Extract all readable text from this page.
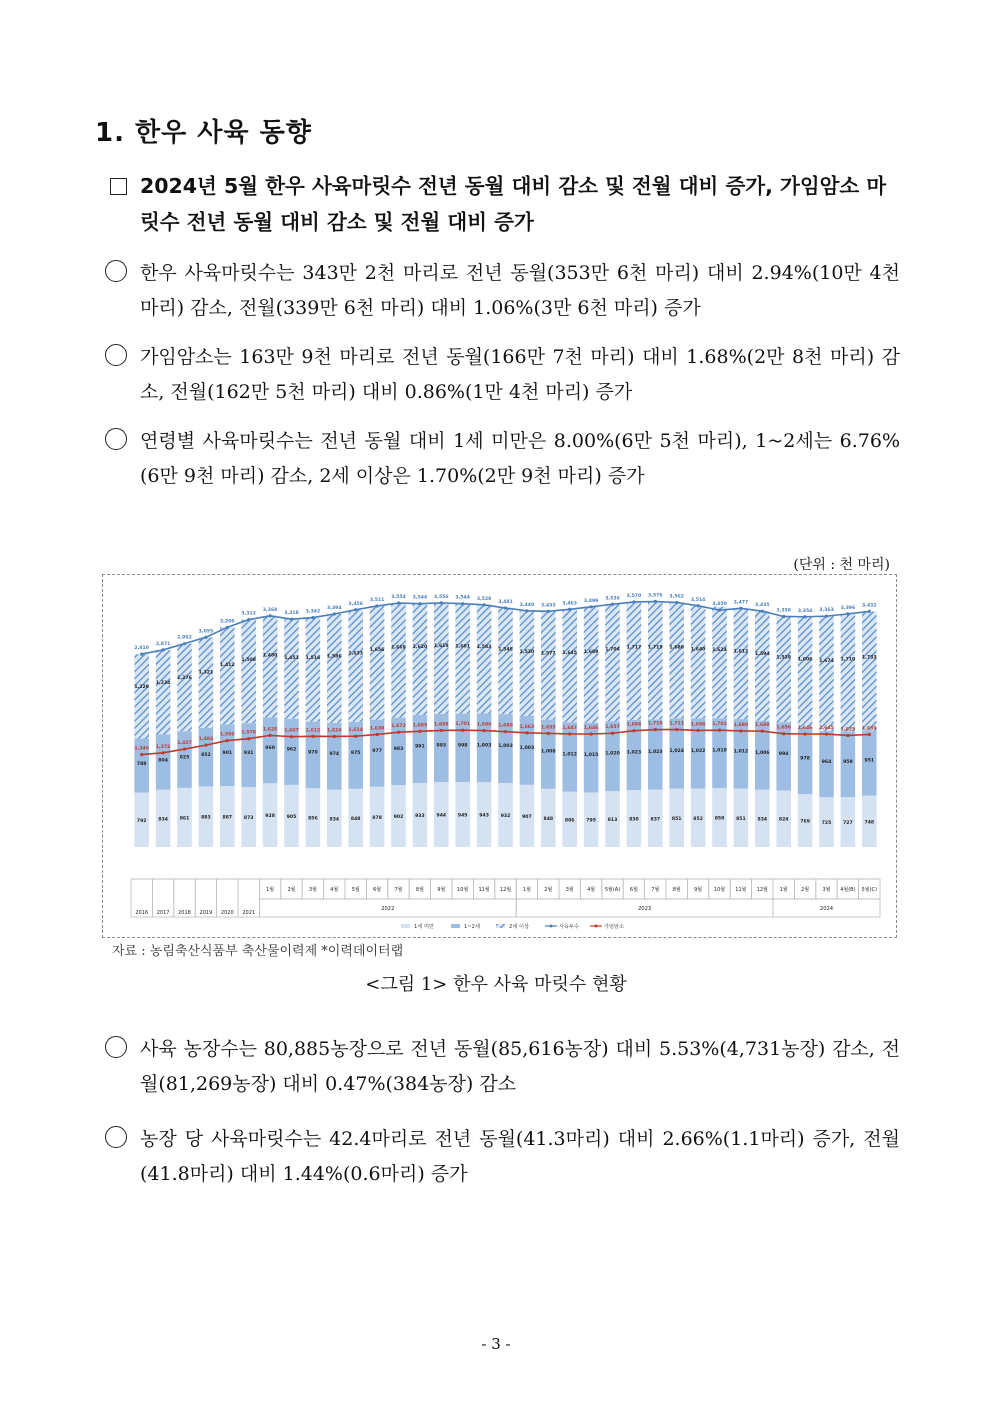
1. 한우 사육 동향
2024년 5월 한우 사육마릿수 전년 동월 대비 감소 및 전월 대비 증가, 가임암소 마릿수 전년 동월 대비 감소 및 전월 대비 증가
한우 사육마릿수는 343만 2천 마리로 전년 동월(353만 6천 마리) 대비 2.94%(10만 4천 마리) 감소, 전월(339만 6천 마리) 대비 1.06%(3만 6천 마리) 증가
가임암소는 163만 9천 마리로 전년 동월(166만 7천 마리) 대비 1.68%(2만 8천 마리) 감소, 전월(162만 5천 마리) 대비 0.86%(1만 4천 마리) 증가
연령별 사육마릿수는 전년 동월 대비 1세 미만은 8.00%(6만 5천 마리), 1~2세는 6.76%(6만 9천 마리) 감소, 2세 이상은 1.70%(2만 9천 마리) 증가
(단위 : 천 마리)
792
788
1,229
834
804
1,234
861
825
1,276
883
852
1,321
887
901
1,412
873
931
1,508
928
960
1,480
905
962
1,451
856
970
1,516
834
974
1,586
848
975
1,633
878
977
1,656
902
983
1,669
933
991
1,620
944
993
1,619
945
998
1,601
943
1,003
1,583
932
1,003
1,546
907
1,003
1,530
848
1,008
1,577
806
1,012
1,645
795
1,015
1,689
813
1,020
1,704
830
1,023
1,717
837
1,023
1,715
851
1,024
1,686
852
1,022
1,640
858
1,018
1,624
851
1,012
1,612
834
1,006
1,594
824
994
1,539
769
978
1,606
725
964
1,674
727
959
1,710
748
951
1,733
2,810
2,871
2,962
3,055
3,200
3,312
3,368
3,318 3,342
3,394
3,456
3,511
3,554 3,544 3,556 3,544 3,528
3,481
3,440 3,433 3,463 3,499
3,536 3,570 3,576 3,562
3,514
3,450 3,477
3,435
3,358 3,354 3,363 3,396 3,432
1,346 1,372
1,427
1,484
1,550 1,578
1,626 1,607 1,612 1,610 1,614 1,639 1,672 1,685 1,698 1,701 1,696 1,680 1,663 1,655 1,647 1,646 1,657
1,694 1,710 1,711 1,698 1,702 1,690 1,688
1,650 1,646 1,645 1,625 1,639
2016 2017 2018 2019 2020 2021
1월	2월	3월	4월	5월	6월	7월	8월	9월 10월 11월 12월 1월	2월	3월	4월 5월(A) 6월	7월	8월	9월 10월 11월 12월 1월	2월	3월 4월(B) 5월(C)
2022	2023	2024
1세 미만	1~2세	2세 이상	사육두수	가임암소
자료 : 농림축산식품부 축산물이력제 *이력데이터랩
<그림 1> 한우 사육 마릿수 현황
사육 농장수는 80,885농장으로 전년 동월(85,616농장) 대비 5.53%(4,731농장) 감소, 전월(81,269농장) 대비 0.47%(384농장) 감소
농장 당 사육마릿수는 42.4마리로 전년 동월(41.3마리) 대비 2.66%(1.1마리) 증가, 전월(41.8마리) 대비 1.44%(0.6마리) 증가
- 3 -
